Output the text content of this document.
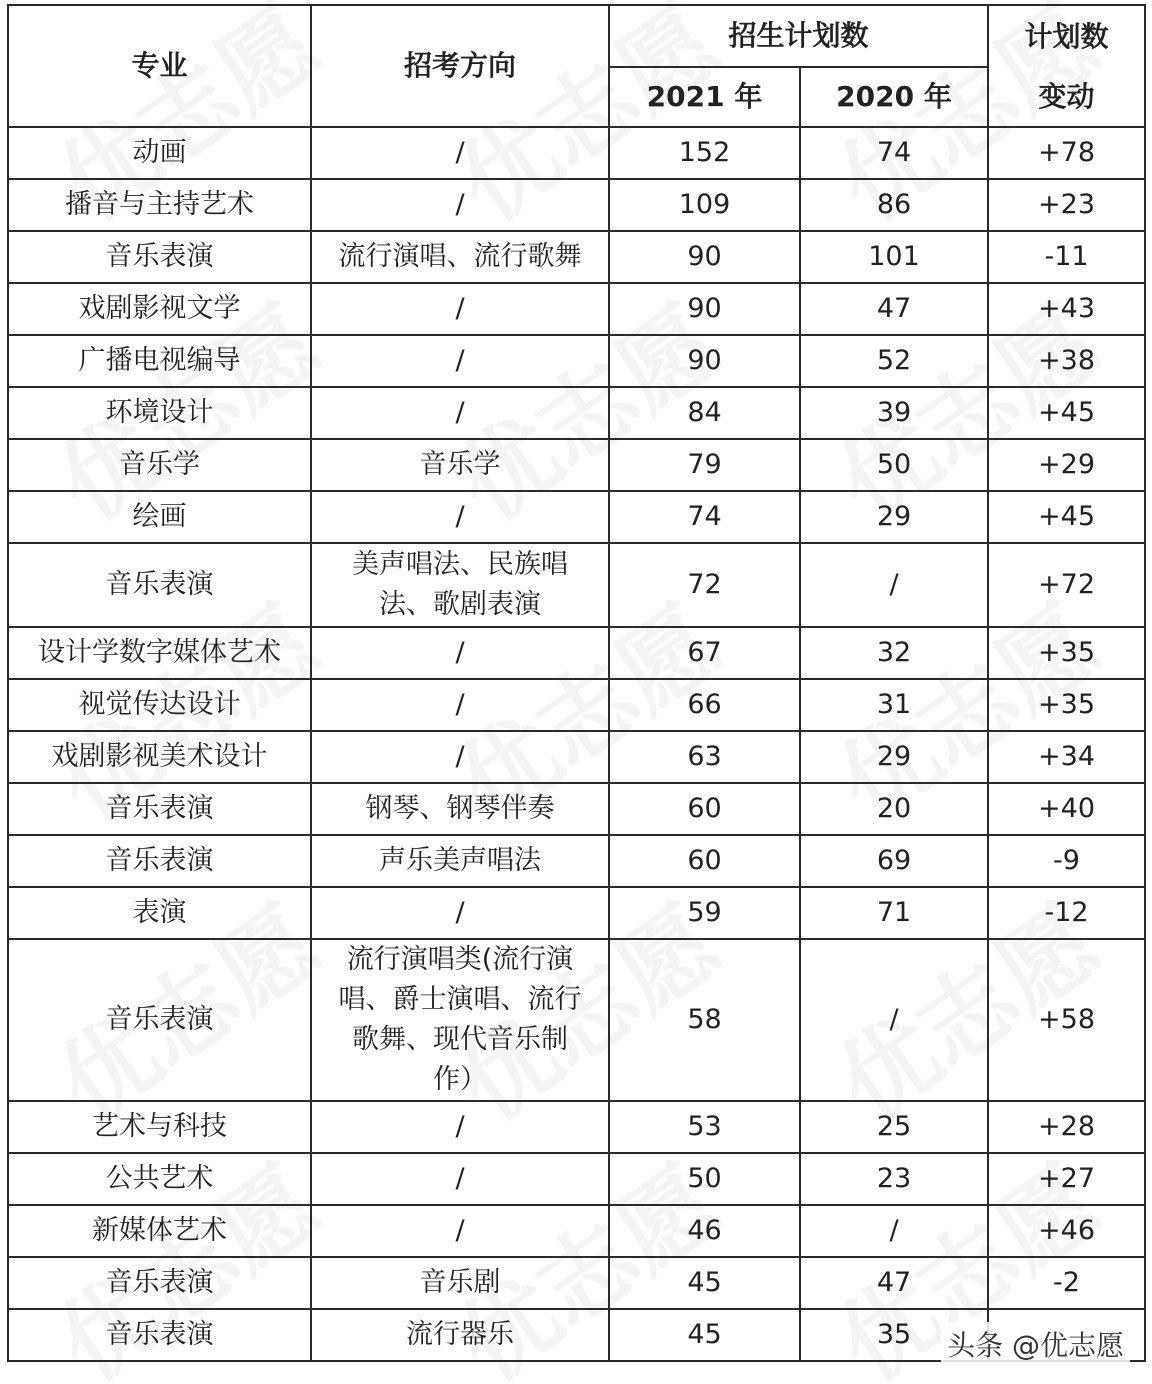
专业	招考方向	招生计划数		计划数
变动

		2021 年	2020 年	
动画	/	152	74	+78
播音与主持艺术	/	109	86	+23
音乐表演	流行演唱、流行歌舞	90	101	-11
戏剧影视文学	/	90	47	+43
广播电视编导	/	90	52	+38
环境设计	/	84	39	+45
音乐学	音乐学	79	50	+29
绘画	/	74	29	+45
音乐表演	美声唱法、民族唱法、歌剧表演	72	/	+72
设计学数字媒体艺术	/	67	32	+35
视觉传达设计	/	66	31	+35
戏剧影视美术设计	/	63	29	+34
音乐表演	钢琴、钢琴伴奏	60	20	+40
音乐表演	声乐美声唱法	60	69	-9
表演	/	59	71	-12
音乐表演	流行演唱类(流行演唱、爵士演唱、流行歌舞、现代音乐制作）	58	/	+58
艺术与科技	/	53	25	+28
公共艺术	/	50	23	+27
新媒体艺术	/	46	/	+46
音乐表演	音乐剧	45	47	-2
音乐表演	流行器乐	45	35	头条 @优志愿
